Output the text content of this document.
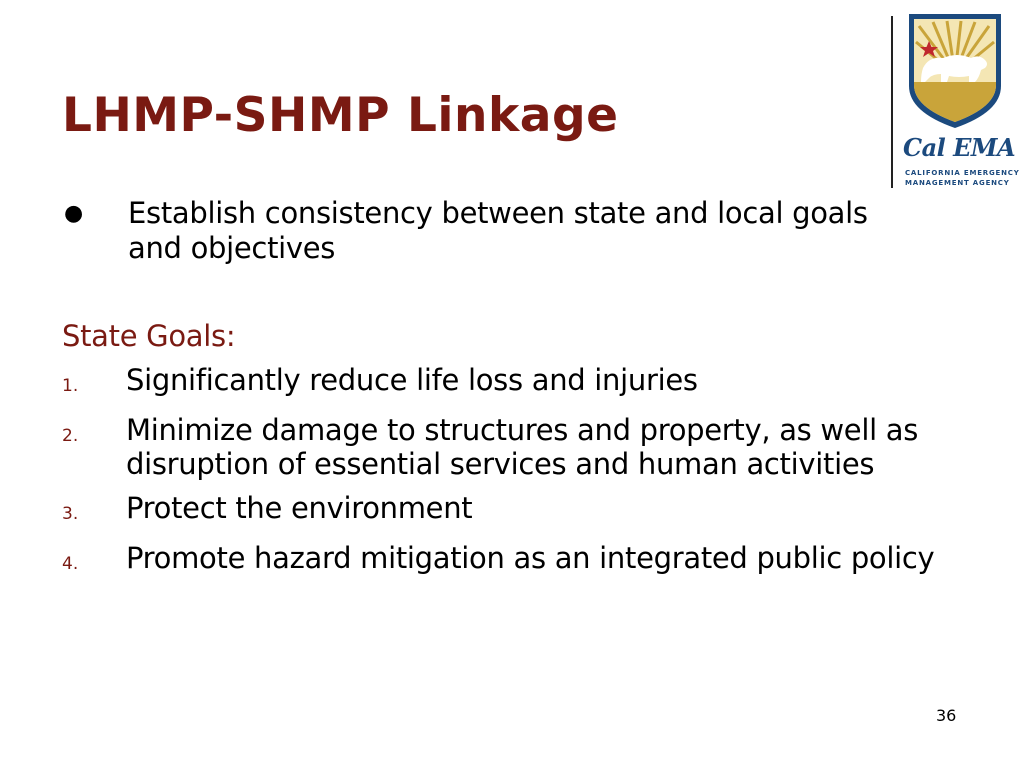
LHMP-SHMP Linkage
Cal EMA
CALIFORNIA EMERGENCY
MANAGEMENT AGENCY
●	Establish consistency between state and local goals and objectives
State Goals:
1.	Significantly reduce life loss and injuries
2.	Minimize damage to structures and property, as well as disruption of essential services and human activities
3.	Protect the environment
4.	Promote hazard mitigation as an integrated public policy
36
